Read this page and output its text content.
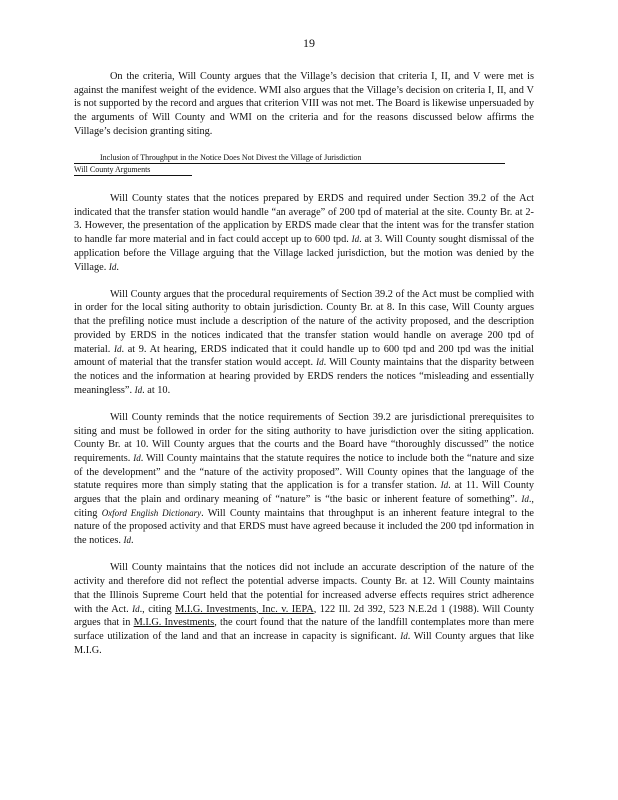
19

On the criteria, Will County argues that the Village’s decision that criteria I, II, and V were met is against the manifest weight of the evidence. WMI also argues that the Village’s decision on criteria I, II, and V is not supported by the record and argues that criterion VIII was not met. The Board is likewise unpersuaded by the arguments of Will County and WMI on the criteria and for the reasons discussed below affirms the Village’s decision granting siting.

Inclusion of Throughput in the Notice Does Not Divest the Village of Jurisdiction
Will County Arguments

Will County states that the notices prepared by ERDS and required under Section 39.2 of the Act indicated that the transfer station would handle “an average” of 200 tpd of material at the site. County Br. at 2-3. However, the presentation of the application by ERDS made clear that the intent was for the transfer station to handle far more material and in fact could accept up to 600 tpd. Id. at 3. Will County sought dismissal of the application before the Village arguing that the Village lacked jurisdiction, but the motion was denied by the Village. Id.

Will County argues that the procedural requirements of Section 39.2 of the Act must be complied with in order for the local siting authority to obtain jurisdiction. County Br. at 8. In this case, Will County argues that the prefiling notice must include a description of the nature of the activity proposed, and the description provided by ERDS in the notices indicated that the transfer station would handle on average 200 tpd of material. Id. at 9. At hearing, ERDS indicated that it could handle up to 600 tpd and 200 tpd was the initial amount of material that the transfer station would accept. Id. Will County maintains that the disparity between the notices and the information at hearing provided by ERDS renders the notices “misleading and essentially meaningless”. Id. at 10.

Will County reminds that the notice requirements of Section 39.2 are jurisdictional prerequisites to siting and must be followed in order for the siting authority to have jurisdiction over the siting application. County Br. at 10. Will County argues that the courts and the Board have “thoroughly discussed” the notice requirements. Id. Will County maintains that the statute requires the notice to include both the “nature and size of the development” and the “nature of the activity proposed”. Will County opines that the language of the statute requires more than simply stating that the application is for a transfer station. Id. at 11. Will County argues that the plain and ordinary meaning of “nature” is “the basic or inherent feature of something”. Id., citing Oxford English Dictionary. Will County maintains that throughput is an inherent feature integral to the nature of the proposed activity and that ERDS must have agreed because it included the 200 tpd information in the notices. Id.

Will County maintains that the notices did not include an accurate description of the nature of the activity and therefore did not reflect the potential adverse impacts. County Br. at 12. Will County maintains that the Illinois Supreme Court held that the potential for increased adverse effects requires strict adherence with the Act. Id., citing M.I.G. Investments, Inc. v. IEPA, 122 Ill. 2d 392, 523 N.E.2d 1 (1988). Will County argues that in M.I.G. Investments, the court found that the nature of the landfill contemplates more than mere surface utilization of the land and that an increase in capacity is significant. Id. Will County argues that like M.I.G.
